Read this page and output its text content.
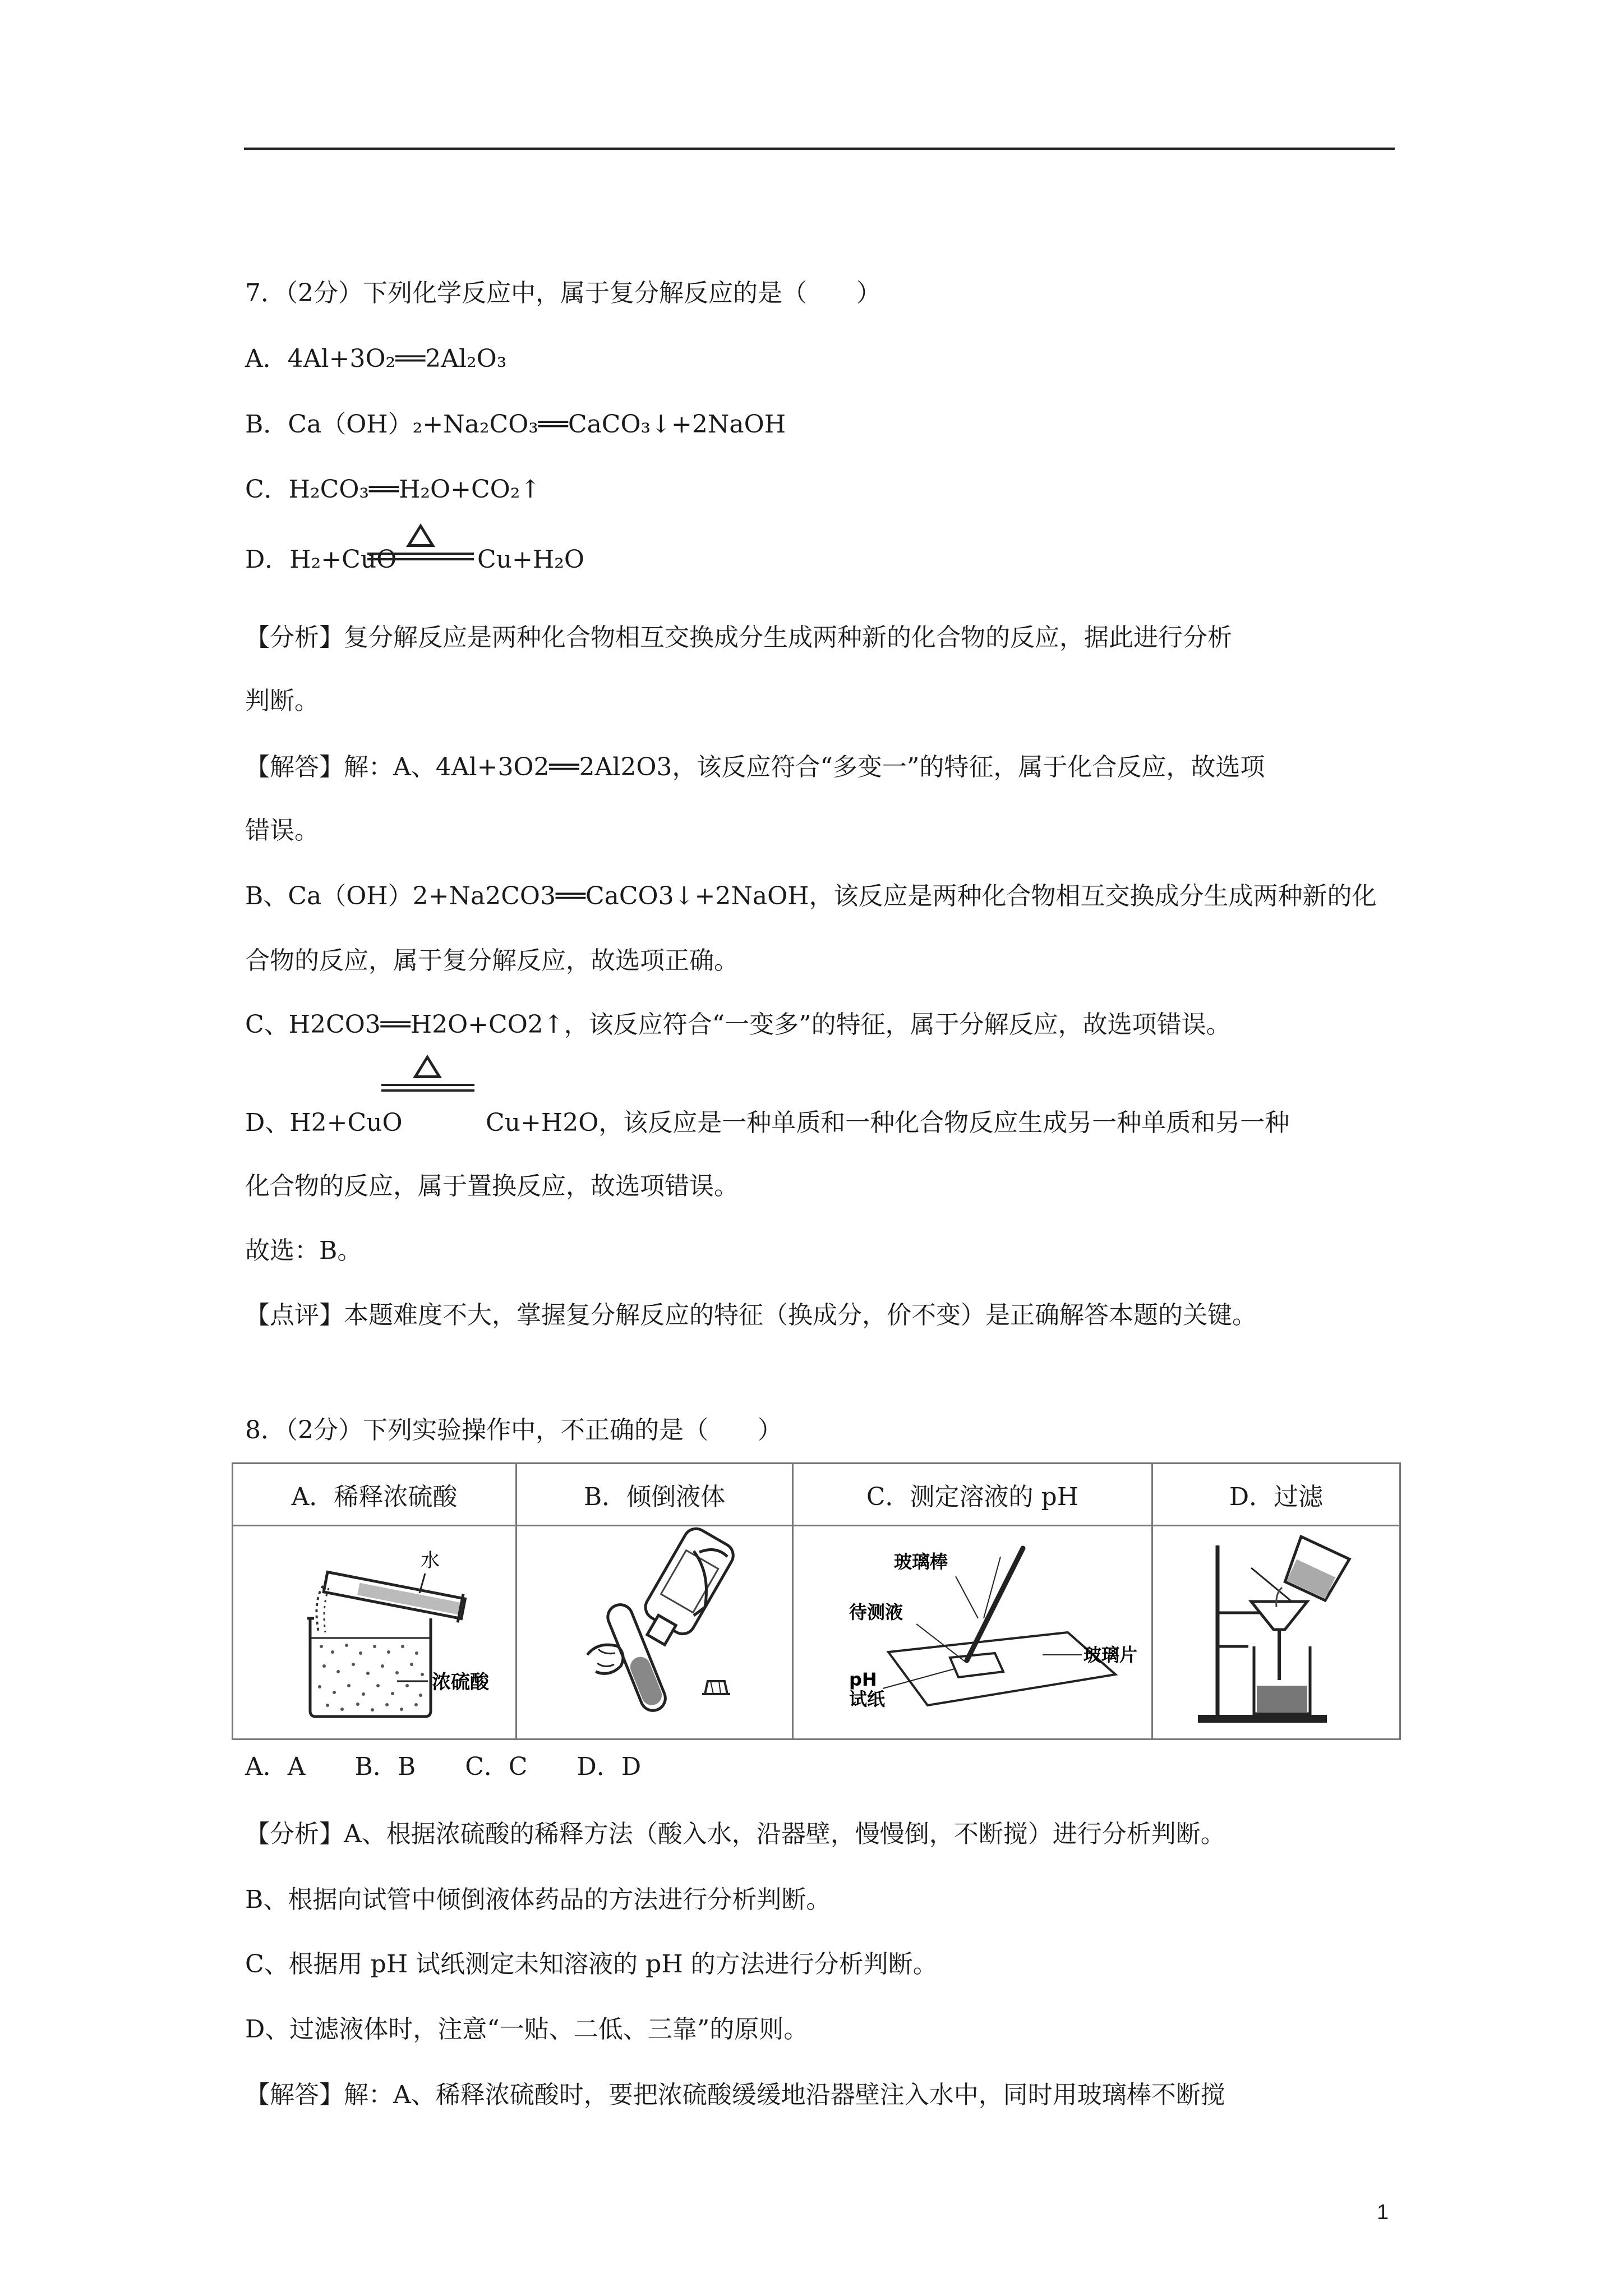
7．（2分）下列化学反应中，属于复分解反应的是（　　）
A．4Al+3O₂══2Al₂O₃
B．Ca（OH）₂+Na₂CO₃══CaCO₃↓+2NaOH
C．H₂CO₃══H₂O+CO₂↑
D．H₂+CuO	Cu+H₂O
【分析】复分解反应是两种化合物相互交换成分生成两种新的化合物的反应，据此进行分析
判断。
【解答】解：A、4Al+3O2══2Al2O3，该反应符合“多变一”的特征，属于化合反应，故选项
错误。
B、Ca（OH）2+Na2CO3══CaCO3↓+2NaOH，该反应是两种化合物相互交换成分生成两种新的化
合物的反应，属于复分解反应，故选项正确。
C、H2CO3══H2O+CO2↑，该反应符合“一变多”的特征，属于分解反应，故选项错误。
D、H2+CuO	Cu+H2O，该反应是一种单质和一种化合物反应生成另一种单质和另一种
化合物的反应，属于置换反应，故选项错误。
故选：B。
【点评】本题难度不大，掌握复分解反应的特征（换成分，价不变）是正确解答本题的关键。
8．（2分）下列实验操作中，不正确的是（　　）
A．稀释浓硫酸	B．倾倒液体	C．测定溶液的 pH	D．过滤

水
浓硫酸		玻璃棒
待测液
pH
试纸
玻璃片

A．A　　B．B　　C．C　　D．D
【分析】A、根据浓硫酸的稀释方法（酸入水，沿器壁，慢慢倒，不断搅）进行分析判断。
B、根据向试管中倾倒液体药品的方法进行分析判断。
C、根据用 pH 试纸测定未知溶液的 pH 的方法进行分析判断。
D、过滤液体时，注意“一贴、二低、三靠”的原则。
【解答】解：A、稀释浓硫酸时，要把浓硫酸缓缓地沿器壁注入水中，同时用玻璃棒不断搅
1
